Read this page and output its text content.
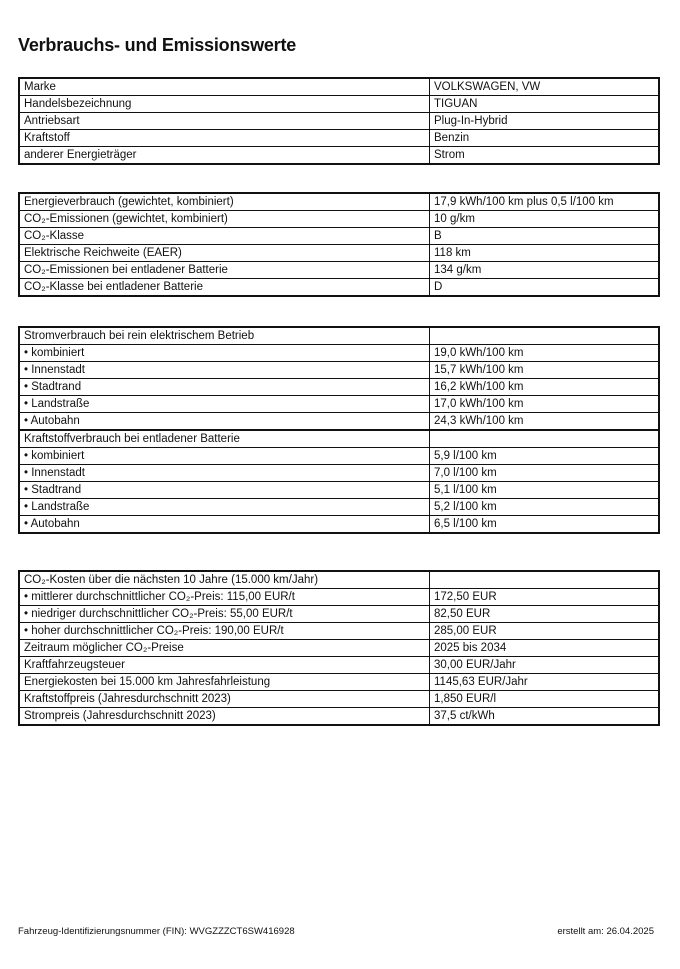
Verbrauchs- und Emissionswerte
Marke	VOLKSWAGEN, VW
Handelsbezeichnung	TIGUAN
Antriebsart	Plug-In-Hybrid
Kraftstoff	Benzin
anderer Energieträger	Strom
Energieverbrauch (gewichtet, kombiniert)	17,9 kWh/100 km plus 0,5 l/100 km
CO₂-Emissionen (gewichtet, kombiniert)	10 g/km
CO₂-Klasse	B
Elektrische Reichweite (EAER)	118 km
CO₂-Emissionen bei entladener Batterie	134 g/km
CO₂-Klasse bei entladener Batterie	D
Stromverbrauch bei rein elektrischem Betrieb	
• kombiniert	19,0 kWh/100 km
• Innenstadt	15,7 kWh/100 km
• Stadtrand	16,2 kWh/100 km
• Landstraße	17,0 kWh/100 km
• Autobahn	24,3 kWh/100 km
Kraftstoffverbrauch bei entladener Batterie	
• kombiniert	5,9 l/100 km
• Innenstadt	7,0 l/100 km
• Stadtrand	5,1 l/100 km
• Landstraße	5,2 l/100 km
• Autobahn	6,5 l/100 km
CO₂-Kosten über die nächsten 10 Jahre (15.000 km/Jahr)	
• mittlerer durchschnittlicher CO₂-Preis: 115,00 EUR/t	172,50 EUR
• niedriger durchschnittlicher CO₂-Preis: 55,00 EUR/t	82,50 EUR
• hoher durchschnittlicher CO₂-Preis: 190,00 EUR/t	285,00 EUR
Zeitraum möglicher CO₂-Preise	2025 bis 2034
Kraftfahrzeugsteuer	30,00 EUR/Jahr
Energiekosten bei 15.000 km Jahresfahrleistung	1145,63 EUR/Jahr
Kraftstoffpreis (Jahresdurchschnitt 2023)	1,850 EUR/l
Strompreis (Jahresdurchschnitt 2023)	37,5 ct/kWh
Fahrzeug-Identifizierungsnummer (FIN): WVGZZZCT6SW416928	erstellt am: 26.04.2025
